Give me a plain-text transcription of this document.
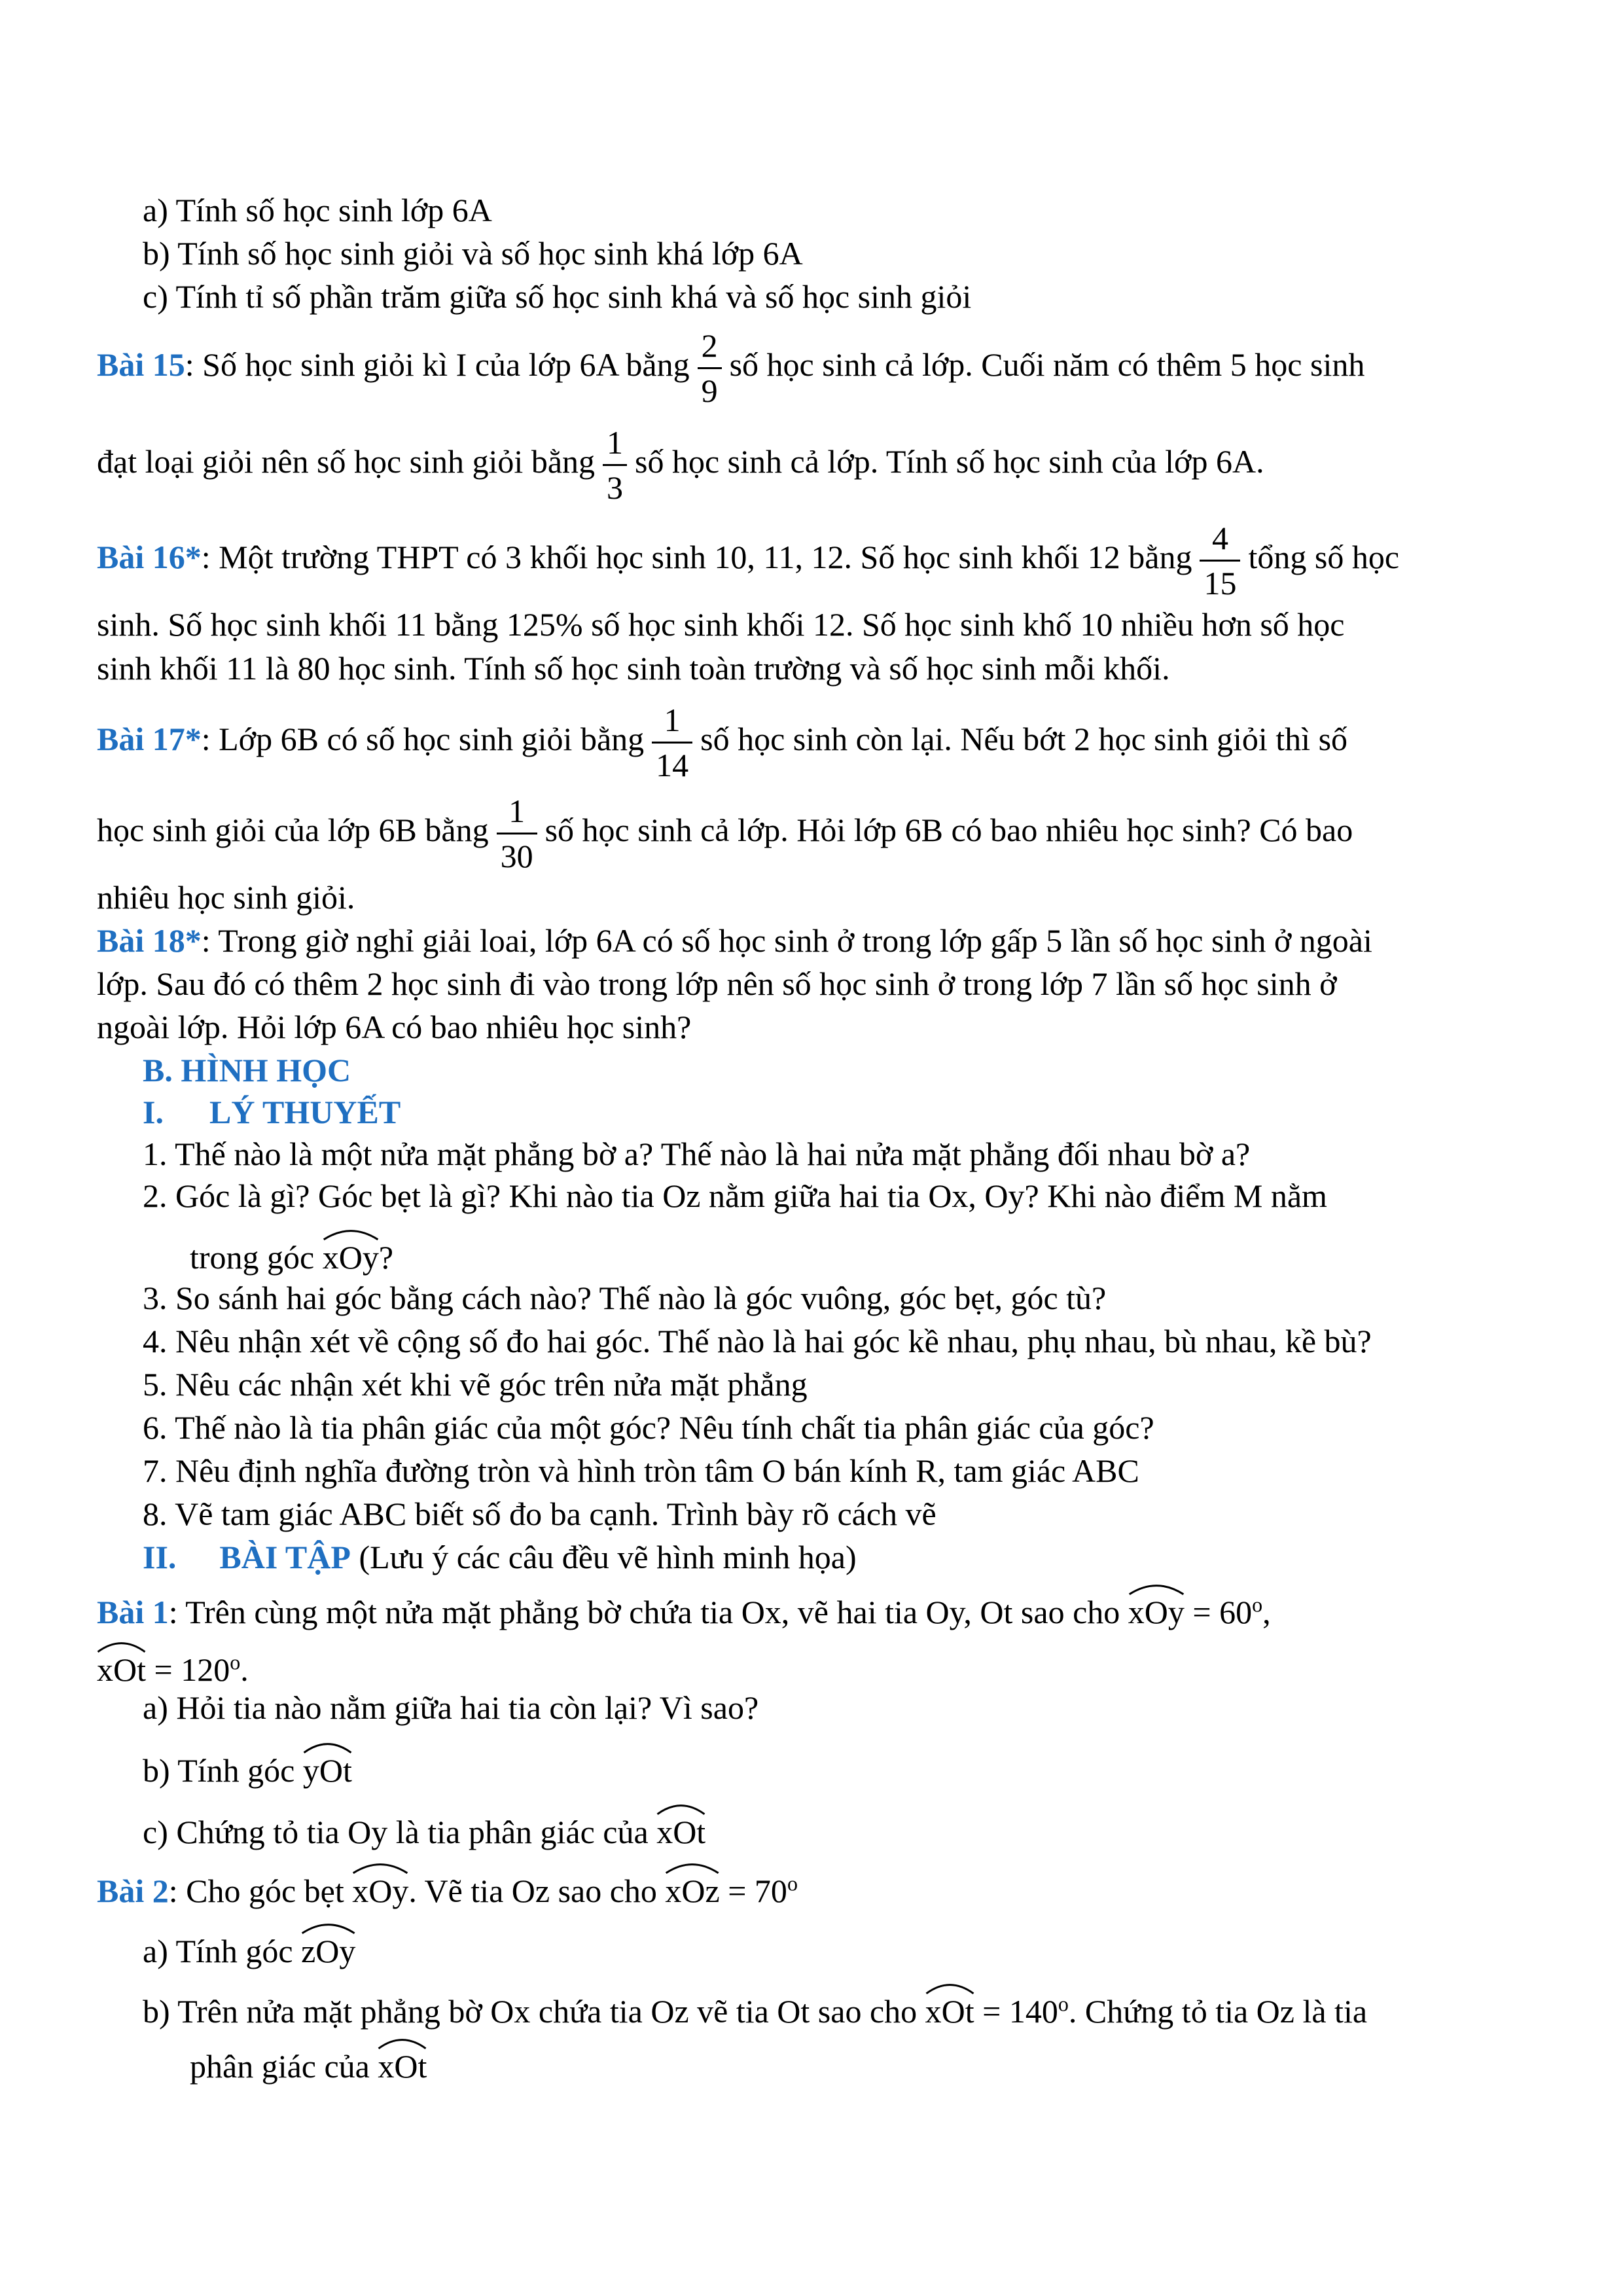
a) Tính số học sinh lớp 6A
b) Tính số học sinh giỏi và số học sinh khá lớp 6A
c) Tính tỉ số phần trăm giữa số học sinh khá và số học sinh giỏi
Bài 15: Số học sinh giỏi kì I của lớp 6A bằng $\frac{2}{9}$ số học sinh cả lớp. Cuối năm có thêm 5 học sinh
đạt loại giỏi nên số học sinh giỏi bằng $\frac{1}{3}$ số học sinh cả lớp. Tính số học sinh của lớp 6A.
Bài 16*: Một trường THPT có 3 khối học sinh 10, 11, 12. Số học sinh khối 12 bằng $\frac{4}{15}$ tổng số học
sinh. Số học sinh khối 11 bằng 125% số học sinh khối 12. Số học sinh khố 10 nhiều hơn số học
sinh khối 11 là 80 học sinh. Tính số học sinh toàn trường và số học sinh mỗi khối.
Bài 17*: Lớp 6B có số học sinh giỏi bằng $\frac{1}{14}$ số học sinh còn lại. Nếu bớt 2 học sinh giỏi thì số
học sinh giỏi của lớp 6B bằng $\frac{1}{30}$ số học sinh cả lớp. Hỏi lớp 6B có bao nhiêu học sinh? Có bao
nhiêu học sinh giỏi.
Bài 18*: Trong giờ nghỉ giải loai, lớp 6A có số học sinh ở trong lớp gấp 5 lần số học sinh ở ngoài
lớp. Sau đó có thêm 2 học sinh đi vào trong lớp nên số học sinh ở trong lớp 7 lần số học sinh ở
ngoài lớp. Hỏi lớp 6A có bao nhiêu học sinh?
B. HÌNH HỌC
I. LÝ THUYẾT
1. Thế nào là một nửa mặt phẳng bờ a? Thế nào là hai nửa mặt phẳng đối nhau bờ a?
2. Góc là gì? Góc bẹt là gì? Khi nào tia Oz nằm giữa hai tia Ox, Oy? Khi nào điểm M nằm
trong góc xOy?
3. So sánh hai góc bằng cách nào? Thế nào là góc vuông, góc bẹt, góc tù?
4. Nêu nhận xét về cộng số đo hai góc. Thế nào là hai góc kề nhau, phụ nhau, bù nhau, kề bù?
5. Nêu các nhận xét khi vẽ góc trên nửa mặt phẳng
6. Thế nào là tia phân giác của một góc? Nêu tính chất tia phân giác của góc?
7. Nêu định nghĩa đường tròn và hình tròn tâm O bán kính R, tam giác ABC
8. Vẽ tam giác ABC biết số đo ba cạnh. Trình bày rõ cách vẽ
II. BÀI TẬP (Lưu ý các câu đều vẽ hình minh họa)
Bài 1: Trên cùng một nửa mặt phẳng bờ chứa tia Ox, vẽ hai tia Oy, Ot sao cho xOy = $60^o$,
xOt = $120^o$.
a) Hỏi tia nào nằm giữa hai tia còn lại? Vì sao?
b) Tính góc yOt
c) Chứng tỏ tia Oy là tia phân giác của xOt
Bài 2: Cho góc bẹt xOy. Vẽ tia Oz sao cho xOz = $70^o$
a) Tính góc zOy
b) Trên nửa mặt phẳng bờ Ox chứa tia Oz vẽ tia Ot sao cho xOt = $140^o$. Chứng tỏ tia Oz là tia
phân giác của xOt
